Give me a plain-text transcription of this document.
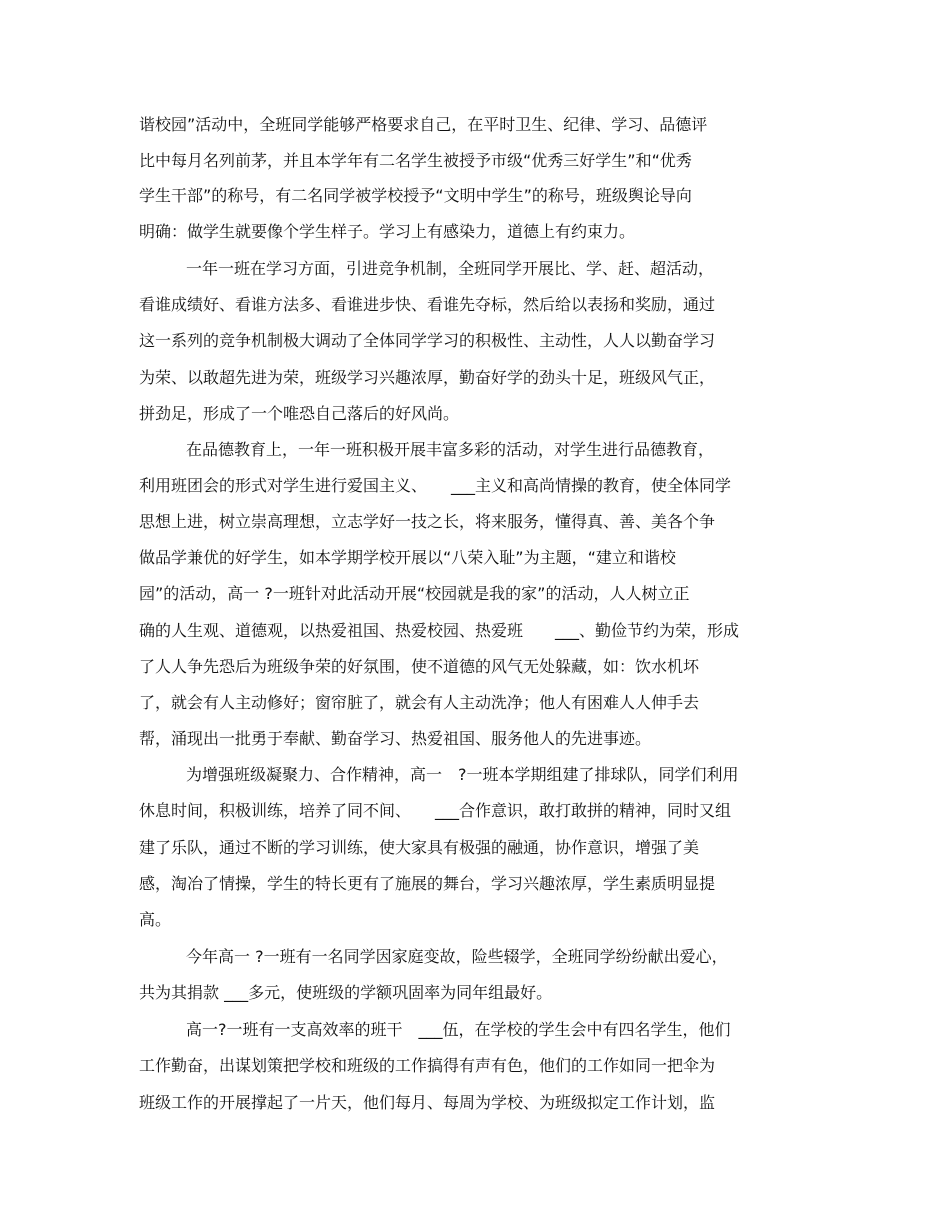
谐校园”活动中，全班同学能够严格要求自己，在平时卫生、纪律、学习、品德评

比中每月名列前茅，并且本学年有二名学生被授予市级“优秀三好学生”和“优秀

学生干部”的称号，有二名同学被学校授予“文明中学生”的称号，班级舆论导向

明确：做学生就要像个学生样子。学习上有感染力，道德上有约束力。

一年一班在学习方面，引进竞争机制，全班同学开展比、学、赶、超活动，

看谁成绩好、看谁方法多、看谁进步快、看谁先夺标，然后给以表扬和奖励，通过

这一系列的竞争机制极大调动了全体同学学习的积极性、主动性，人人以勤奋学习

为荣、以敢超先进为荣，班级学习兴趣浓厚，勤奋好学的劲头十足，班级风气正，

拼劲足，形成了一个唯恐自己落后的好风尚。

在品德教育上，一年一班积极开展丰富多彩的活动，对学生进行品德教育，

利用班团会的形式对学生进行爱国主义、　　___主义和高尚情操的教育，使全体同学

思想上进，树立崇高理想，立志学好一技之长，将来服务，懂得真、善、美各个争

做品学兼优的好学生，如本学期学校开展以“八荣入耻”为主题，“建立和谐校

园”的活动，高一 ?一班针对此活动开展“校园就是我的家”的活动，人人树立正

确的人生观、道德观，以热爱祖国、热爱校园、热爱班　　___、勤俭节约为荣，形成

了人人争先恐后为班级争荣的好氛围，使不道德的风气无处躲藏，如：饮水机坏

了，就会有人主动修好；窗帘脏了，就会有人主动洗净；他人有困难人人伸手去

帮，涌现出一批勇于奉献、勤奋学习、热爱祖国、服务他人的先进事迹。

为增强班级凝聚力、合作精神，高一　?一班本学期组建了排球队，同学们利用

休息时间，积极训练，培养了同不间、　　___合作意识，敢打敢拼的精神，同时又组

建了乐队，通过不断的学习训练，使大家具有极强的融通，协作意识，增强了美

感，淘冶了情操，学生的特长更有了施展的舞台，学习兴趣浓厚，学生素质明显提

高。

今年高一 ?一班有一名同学因家庭变故，险些辍学，全班同学纷纷献出爱心，

共为其捐款 ___多元，使班级的学额巩固率为同年组最好。

高一?一班有一支高效率的班干　___伍，在学校的学生会中有四名学生，他们

工作勤奋，出谋划策把学校和班级的工作搞得有声有色，他们的工作如同一把伞为

班级工作的开展撑起了一片天，他们每月、每周为学校、为班级拟定工作计划，监
